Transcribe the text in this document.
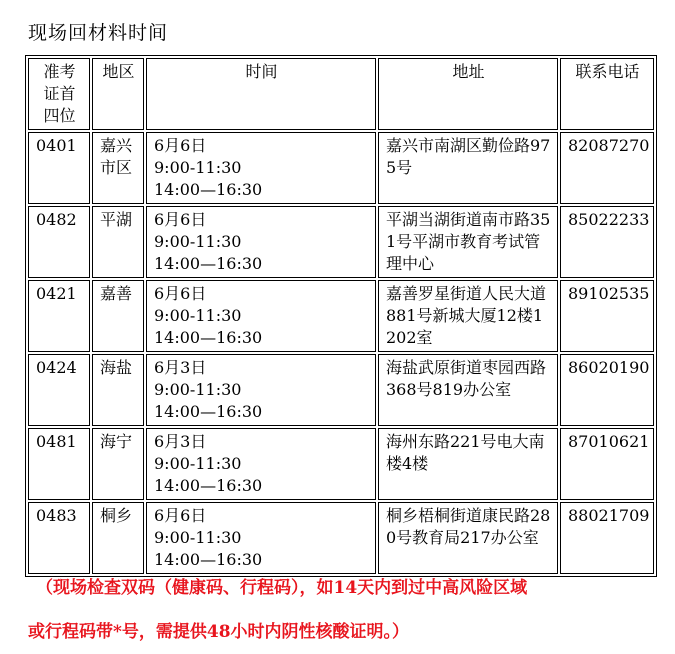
现场回材料时间
准考
证首
四位	地区	时间	地址	联系电话
0401	嘉兴市区	6月6日
9:00-11:30
14:00—16:30	嘉兴市南湖区勤俭路975号	82087270
0482	平湖	6月6日
9:00-11:30
14:00—16:30	平湖当湖街道南市路351号平湖市教育考试管理中心	85022233
0421	嘉善	6月6日
9:00-11:30
14:00—16:30	嘉善罗星街道人民大道881号新城大厦12楼1202室	89102535
0424	海盐	6月3日
9:00-11:30
14:00—16:30	海盐武原街道枣园西路368号819办公室	86020190
0481	海宁	6月3日
9:00-11:30
14:00—16:30	海州东路221号电大南楼4楼	87010621
0483	桐乡	6月6日
9:00-11:30
14:00—16:30	桐乡梧桐街道康民路280号教育局217办公室	88021709
（现场检查双码（健康码、行程码），如14天内到过中高风险区域
或行程码带*号，需提供48小时内阴性核酸证明。）
